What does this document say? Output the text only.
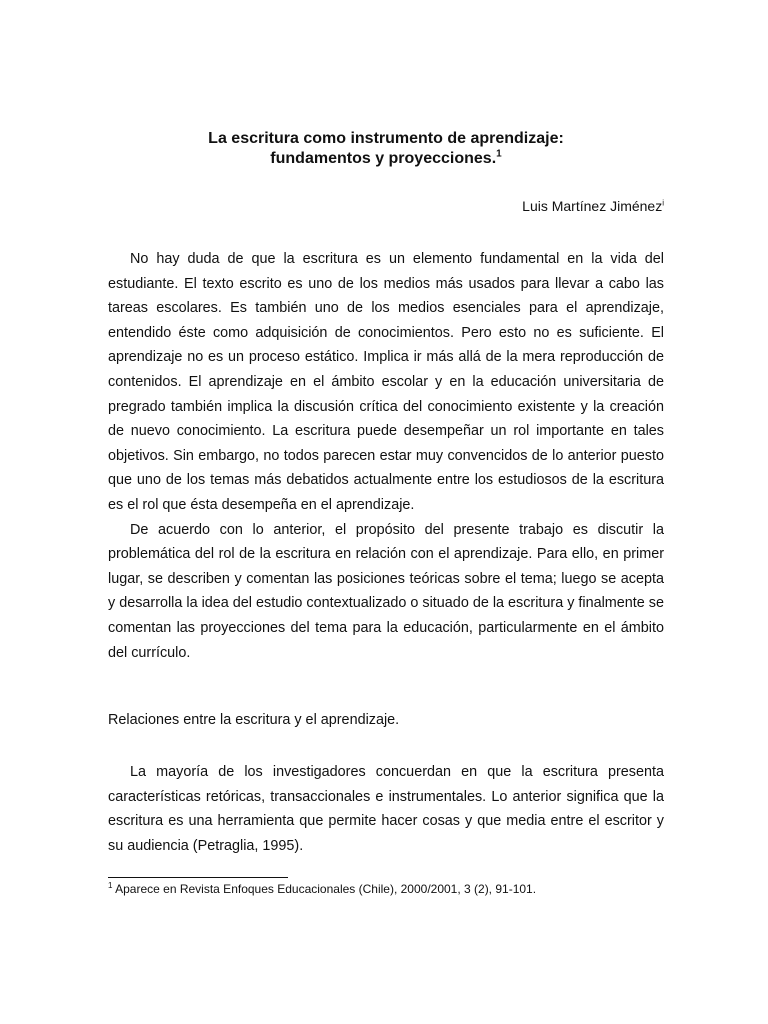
La escritura como instrumento de aprendizaje:
fundamentos y proyecciones.$^1$

Luis Martínez Jiménez$^i$

No hay duda de que la escritura es un elemento fundamental en la vida del estudiante. El texto escrito es uno de los medios más usados para llevar a cabo las tareas escolares. Es también uno de los medios esenciales para el aprendizaje, entendido éste como adquisición de conocimientos. Pero esto no es suficiente. El aprendizaje no es un proceso estático. Implica ir más allá de la mera reproducción de contenidos. El aprendizaje en el ámbito escolar y en la educación universitaria de pregrado también implica la discusión crítica del conocimiento existente y la creación de nuevo conocimiento. La escritura puede desempeñar un rol importante en tales objetivos. Sin embargo, no todos parecen estar muy convencidos de lo anterior puesto que uno de los temas más debatidos actualmente entre los estudiosos de la escritura es el rol que ésta desempeña en el aprendizaje.

De acuerdo con lo anterior, el propósito del presente trabajo es discutir la problemática del rol de la escritura en relación con el aprendizaje. Para ello, en primer lugar, se describen y comentan las posiciones teóricas sobre el tema; luego se acepta y desarrolla la idea del estudio contextualizado o situado de la escritura y finalmente se comentan las proyecciones del tema para la educación, particularmente en el ámbito del currículo.

Relaciones entre la escritura y el aprendizaje.

La mayoría de los investigadores concuerdan en que la escritura presenta características retóricas, transaccionales e instrumentales. Lo anterior significa que la escritura es una herramienta que permite hacer cosas y que media entre el escritor y su audiencia (Petraglia, 1995).

$^1$ Aparece en Revista Enfoques Educacionales (Chile), 2000/2001, 3 (2), 91-101.
